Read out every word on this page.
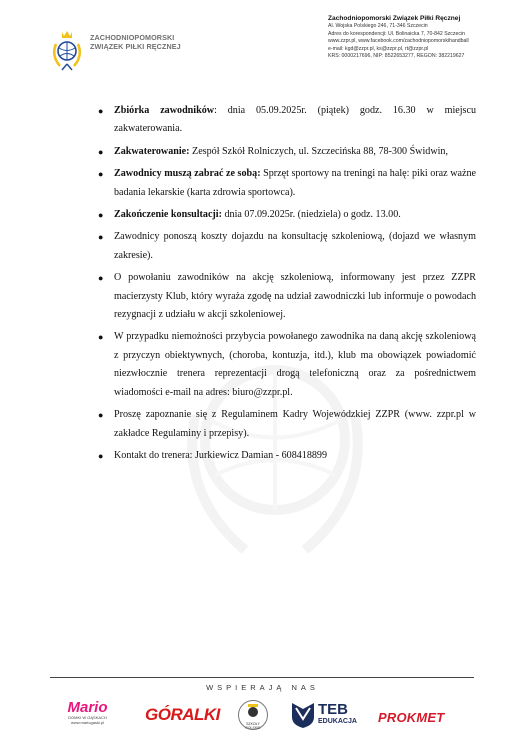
ZACHODNIOPOMORSKI
ZWIĄZEK PIŁKI RĘCZNEJ
Zachodniopomorski Związek Piłki Ręcznej
Al. Wojska Polskiego 246, 71-346 Szczecin
Adres do korespondencji: Ul. Bolinaicka 7, 70-842 Szczecin
www.zzpr.pl, www.facebook.com/zachodniopomorskihandball
e-mail: kgd@zzpr.pl, ks@zzpr.pl, rt@zzpr.pl
KRS: 0000217696, NIP: 8522653277, REGON: 382219627
● Zbiórka zawodników: dnia 05.09.2025r. (piątek) godz. 16.30 w miejscu zakwaterowania.
● Zakwaterowanie: Zespół Szkół Rolniczych, ul. Szczecińska 88, 78-300 Świdwin,
● Zawodnicy muszą zabrać ze sobą: Sprzęt sportowy na treningi na halę: piki oraz ważne badania lekarskie (karta zdrowia sportowca).
● Zakończenie konsultacji: dnia 07.09.2025r. (niedziela) o godz. 13.00.
● Zawodnicy ponoszą koszty dojazdu na konsultację szkoleniową, (dojazd we własnym zakresie).
● O powołaniu zawodników na akcję szkoleniową, informowany jest przez ZZPR macierzysty Klub, który wyraża zgodę na udział zawodniczki lub informuje o powodach rezygnacji z udziału w akcji szkoleniowej.
● W przypadku niemożności przybycia powołanego zawodnika na daną akcję szkoleniową z przyczyn obiektywnych, (choroba, kontuzja, itd.), klub ma obowiązek powiadomić niezwłocznie trenera reprezentacji drogą telefoniczną oraz za pośrednictwem wiadomości e-mail na adres: biuro@zzpr.pl.
● Proszę zapoznanie się z Regulaminem Kadry Wojewódzkiej ZZPR (www. zzpr.pl w zakładce Regulaminy i przepisy).
● Kontakt do trenera: Jurkiewicz Damian - 608418899
WSPIERAJĄ NAS
Mario
DOMKI W GĄSKACH
www.mariogaski.pl	GÓRALKI	SZKOŁY POLSKIE
TEB
EDUKACJA PROKMET
